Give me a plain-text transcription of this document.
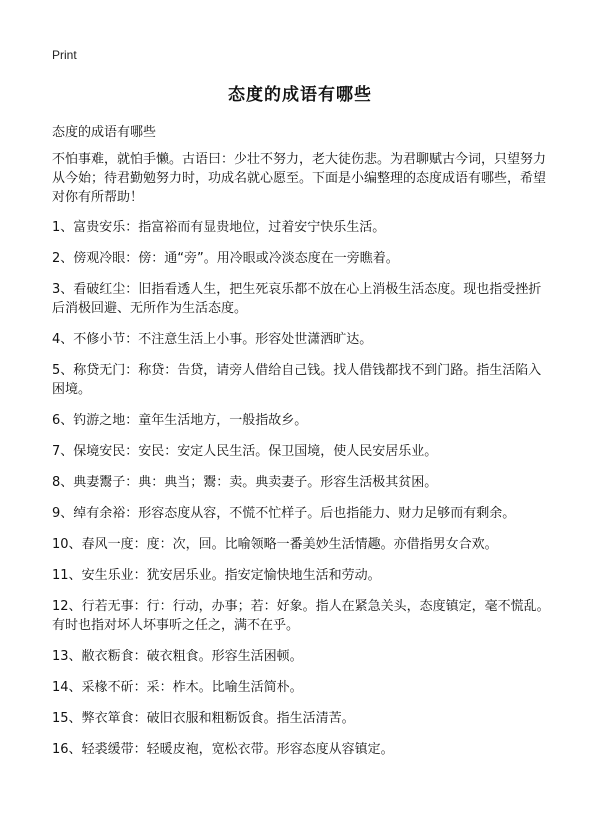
Print
态度的成语有哪些
态度的成语有哪些

不怕事难，就怕手懒。古语曰：少壮不努力，老大徒伤悲。为君聊赋古今词，只望努力从今始；待君勤勉努力时，功成名就心愿至。下面是小编整理的态度成语有哪些，希望对你有所帮助！

1、富贵安乐：指富裕而有显贵地位，过着安宁快乐生活。

2、傍观冷眼：傍：通“旁”。用冷眼或冷淡态度在一旁瞧着。

3、看破红尘：旧指看透人生，把生死哀乐都不放在心上消极生活态度。现也指受挫折后消极回避、无所作为生活态度。

4、不修小节：不注意生活上小事。形容处世潇洒旷达。

5、称贷无门：称贷：告贷，请旁人借给自己钱。找人借钱都找不到门路。指生活陷入困境。

6、钓游之地：童年生活地方，一般指故乡。

7、保境安民：安民：安定人民生活。保卫国境，使人民安居乐业。

8、典妻鬻子：典：典当；鬻：卖。典卖妻子。形容生活极其贫困。

9、绰有余裕：形容态度从容，不慌不忙样子。后也指能力、财力足够而有剩余。

10、春风一度：度：次，回。比喻领略一番美妙生活情趣。亦借指男女合欢。

11、安生乐业：犹安居乐业。指安定愉快地生活和劳动。

12、行若无事：行：行动，办事；若：好象。指人在紧急关头，态度镇定，毫不慌乱。有时也指对坏人坏事听之任之，满不在乎。

13、敝衣粝食：破衣粗食。形容生活困顿。

14、采椽不斫：采：柞木。比喻生活简朴。

15、弊衣箪食：破旧衣服和粗粝饭食。指生活清苦。

16、轻裘缓带：轻暖皮袍，宽松衣带。形容态度从容镇定。
